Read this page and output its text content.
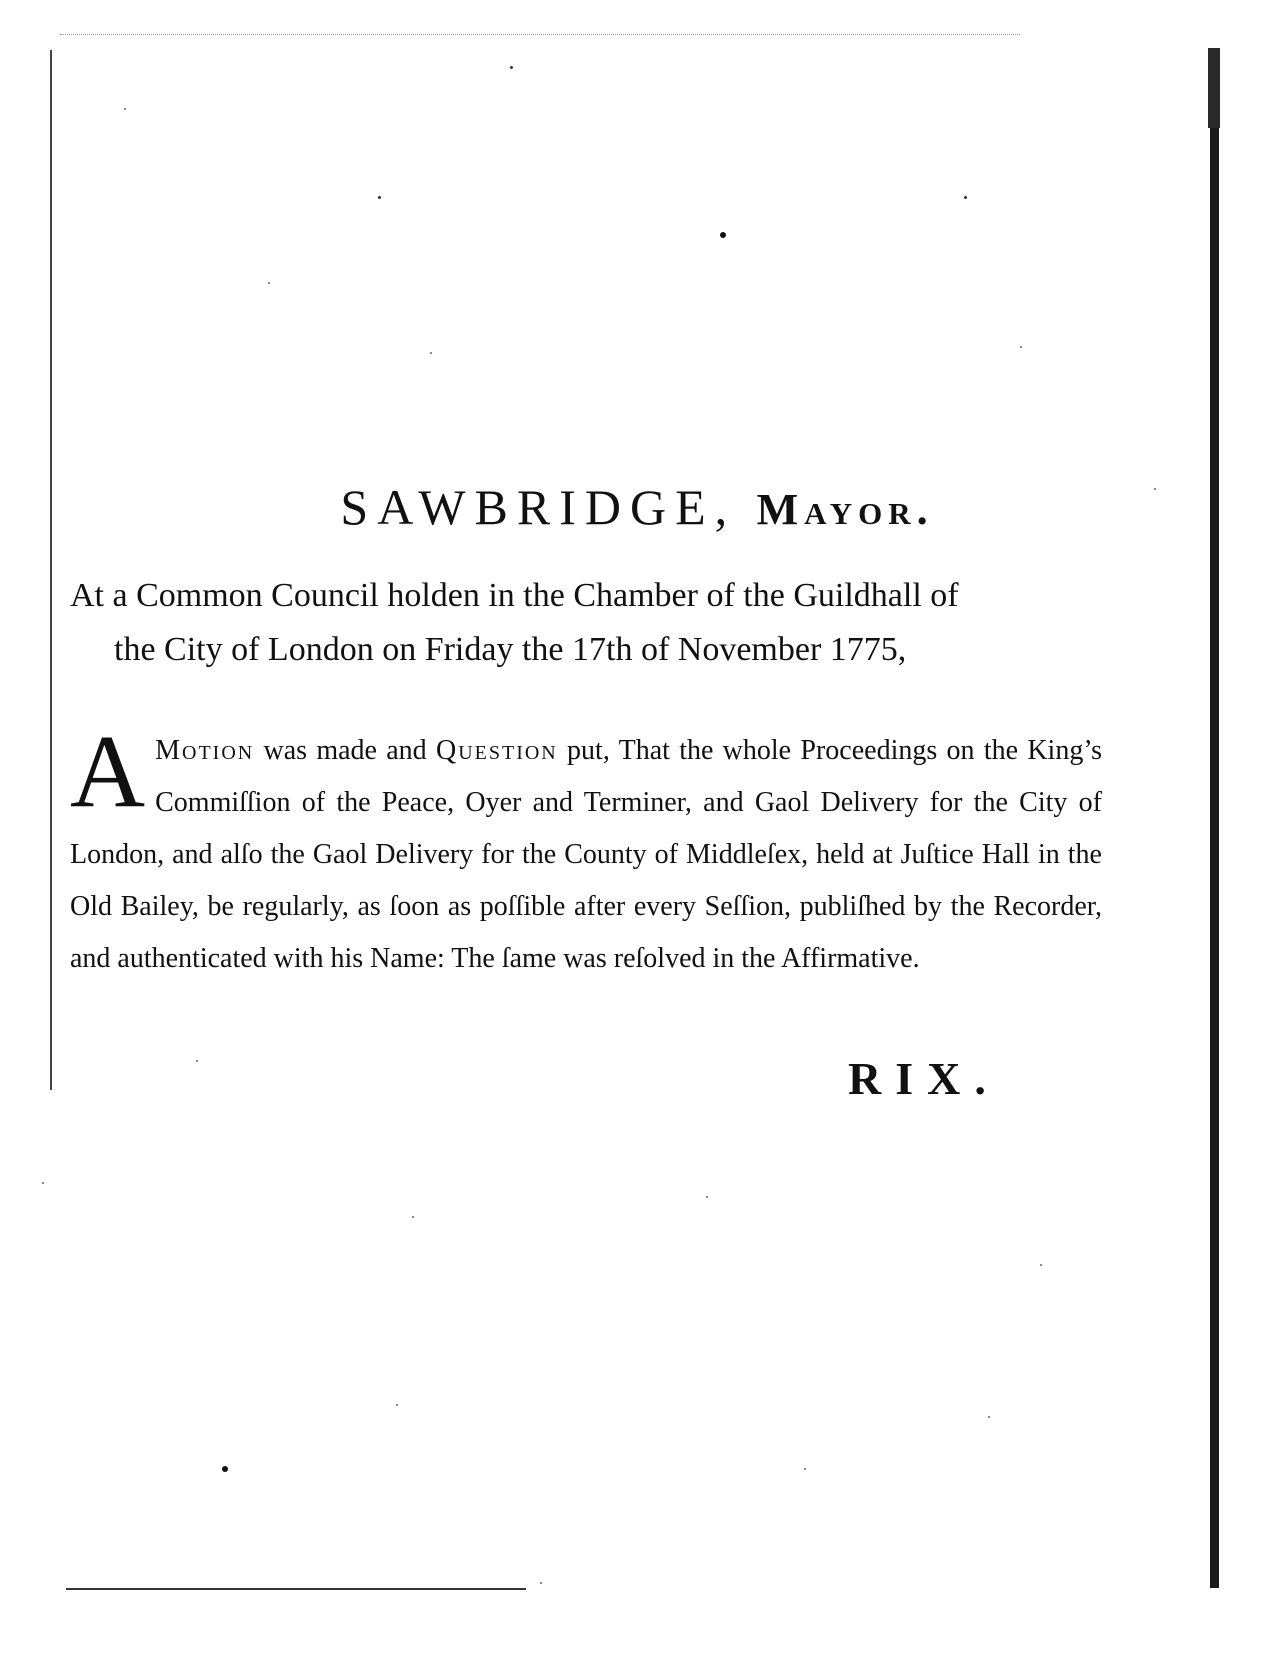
SAWBRIDGE, Mayor.
At a Common Council holden in the Chamber of the Guildhall of
the City of London on Friday the 17th of November 1775,
A Motion was made and Question put, That the whole Proceedings on the King’s Commiſſion of the Peace, Oyer and Terminer, and Gaol Delivery for the City of London, and alſo the Gaol Delivery for the County of Middleſex, held at Juſtice Hall in the Old Bailey, be regularly, as ſoon as poſſible after every Seſſion, publiſhed by the Recorder, and authenticated with his Name: The ſame was reſolved in the Affirmative.
RIX.
